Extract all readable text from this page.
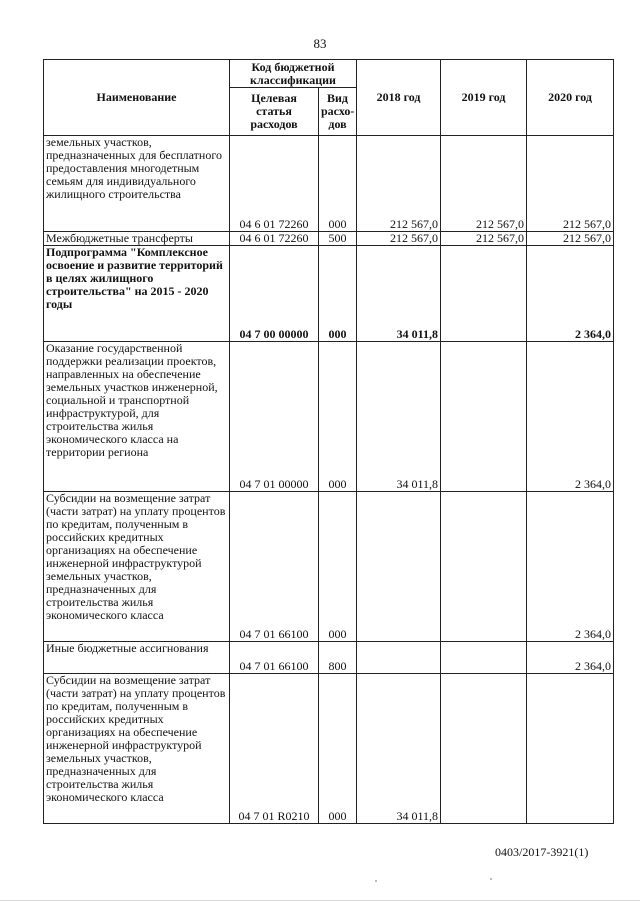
83
Наименование	Код бюджетной классификации		2018 год	2019 год	2020 год
	Целевая статья расходов	Вид расхо-дов			
земельных участков, предназначенных для бесплатного предоставления многодетным семьям для индивидуального жилищного строительства	04 6 01 72260	000	212 567,0	212 567,0	212 567,0
Межбюджетные трансферты	04 6 01 72260	500	212 567,0	212 567,0	212 567,0
Подпрограмма "Комплексное освоение и развитие территорий в целях жилищного строительства" на 2015 - 2020 годы	04 7 00 00000	000	34 011,8		2 364,0
Оказание государственной поддержки реализации проектов, направленных на обеспечение земельных участков инженерной, социальной и транспортной инфраструктурой, для строительства жилья экономического класса на территории региона	04 7 01 00000	000	34 011,8		2 364,0
Субсидии на возмещение затрат (части затрат) на уплату процентов по кредитам, полученным в российских кредитных организациях на обеспечение инженерной инфраструктурой земельных участков, предназначенных для строительства жилья экономического класса	04 7 01 66100	000			2 364,0
Иные бюджетные ассигнования	04 7 01 66100	800			2 364,0
Субсидии на возмещение затрат (части затрат) на уплату процентов по кредитам, полученным в российских кредитных организациях на обеспечение инженерной инфраструктурой земельных участков, предназначенных для строительства жилья экономического класса	04 7 01 R0210	000	34 011,8		
0403/2017-3921(1)
